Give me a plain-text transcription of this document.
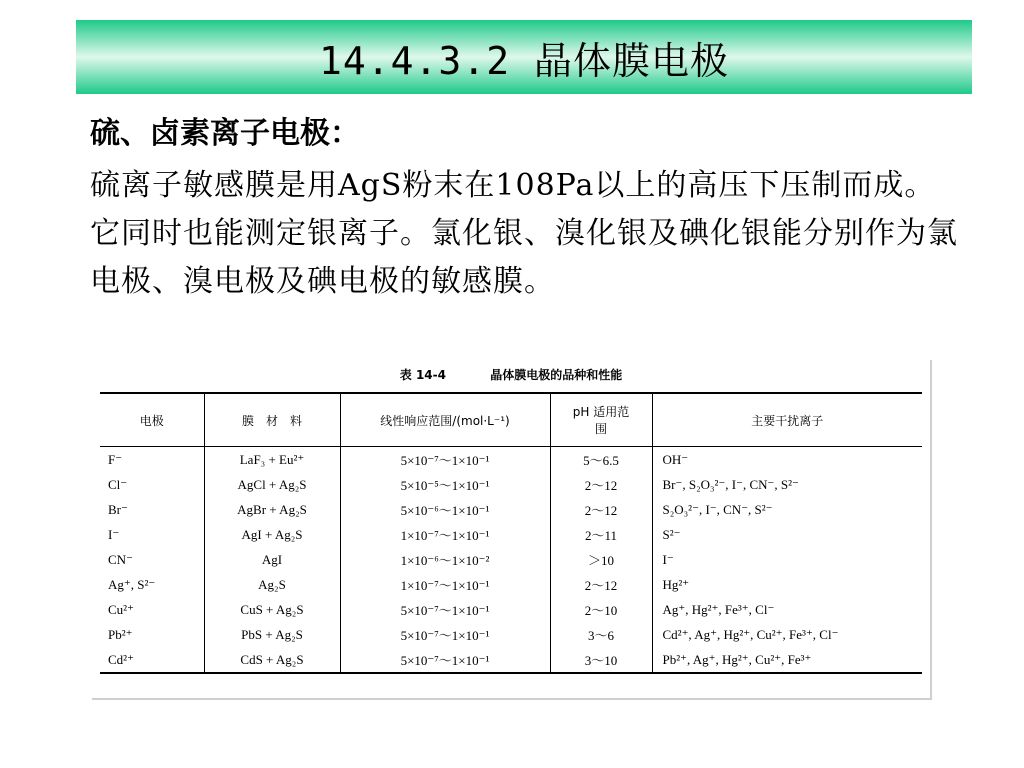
14.4.3.2 晶体膜电极
硫、卤素离子电极：
硫离子敏感膜是用AgS粉末在108Pa以上的高压下压制而成。它同时也能测定银离子。氯化银、溴化银及碘化银能分别作为氯电极、溴电极及碘电极的敏感膜。
表 14-4	晶体膜电极的品种和性能
电极	膜　材　料	线性响应范围/(mol·L⁻¹)	pH 适用范　围	主要干扰离子
F⁻	LaF₃ + Eu²⁺	5×10⁻⁷～1×10⁻¹	5～6.5	OH⁻
Cl⁻	AgCl + Ag₂S	5×10⁻⁵～1×10⁻¹	2～12	Br⁻, S₂O₃²⁻, I⁻, CN⁻, S²⁻
Br⁻	AgBr + Ag₂S	5×10⁻⁶～1×10⁻¹	2～12	S₂O₃²⁻, I⁻, CN⁻, S²⁻
I⁻	AgI + Ag₂S	1×10⁻⁷～1×10⁻¹	2～11	S²⁻
CN⁻	AgI	1×10⁻⁶～1×10⁻²	＞10	I⁻
Ag⁺, S²⁻	Ag₂S	1×10⁻⁷～1×10⁻¹	2～12	Hg²⁺
Cu²⁺	CuS + Ag₂S	5×10⁻⁷～1×10⁻¹	2～10	Ag⁺, Hg²⁺, Fe³⁺, Cl⁻
Pb²⁺	PbS + Ag₂S	5×10⁻⁷～1×10⁻¹	3～6	Cd²⁺, Ag⁺, Hg²⁺, Cu²⁺, Fe³⁺, Cl⁻
Cd²⁺	CdS + Ag₂S	5×10⁻⁷～1×10⁻¹	3～10	Pb²⁺, Ag⁺, Hg²⁺, Cu²⁺, Fe³⁺
